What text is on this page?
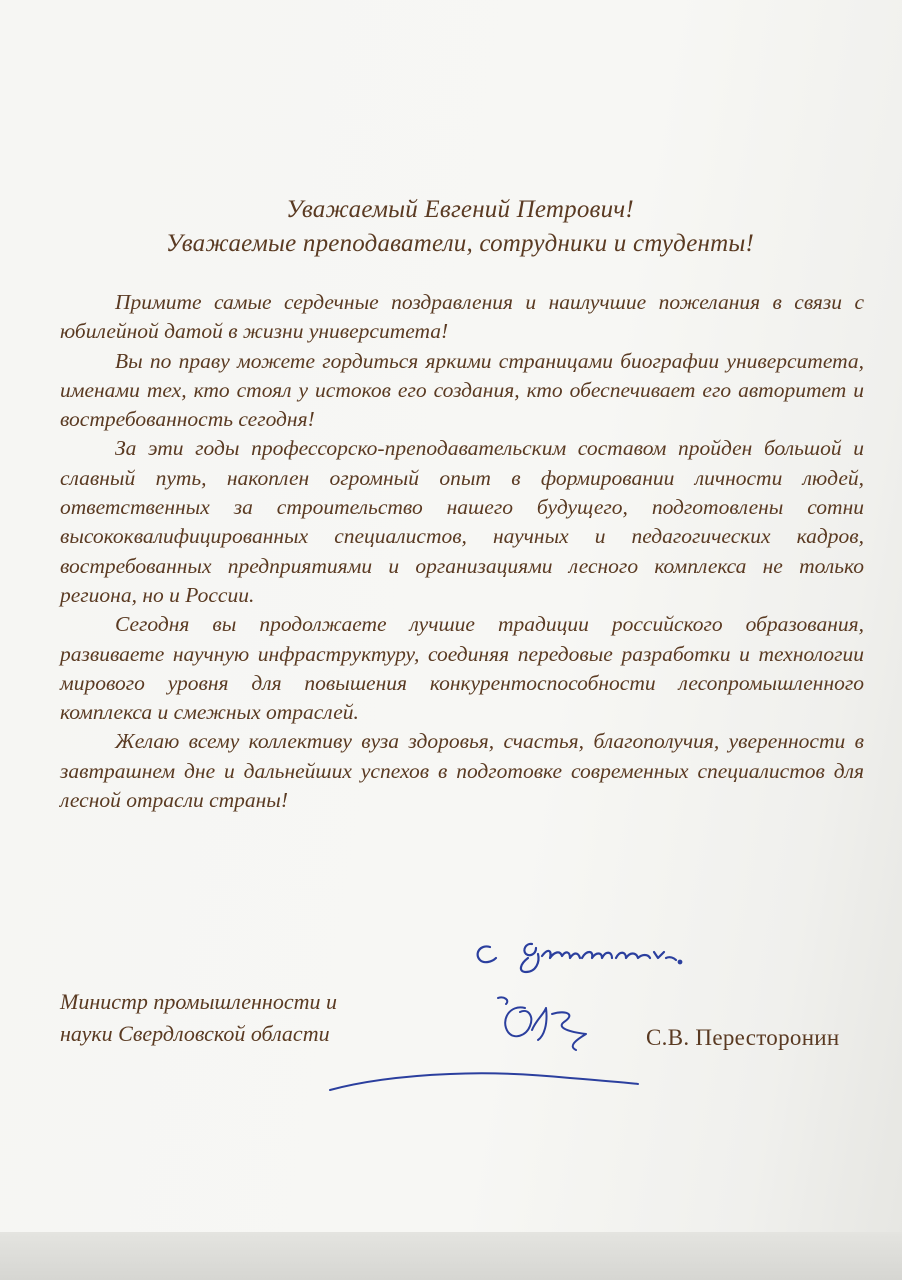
Уважаемый Евгений Петрович!
Уважаемые преподаватели, сотрудники и студенты!

Примите самые сердечные поздравления и наилучшие пожелания в связи с юбилейной датой в жизни университета!

Вы по праву можете гордиться яркими страницами биографии университета, именами тех, кто стоял у истоков его создания, кто обеспечивает его авторитет и востребованность сегодня!

За эти годы профессорско-преподавательским составом пройден большой и славный путь, накоплен огромный опыт в формировании личности людей, ответственных за строительство нашего будущего, подготовлены сотни высококвалифицированных специалистов, научных и педагогических кадров, востребованных предприятиями и организациями лесного комплекса не только региона, но и России.

Сегодня вы продолжаете лучшие традиции российского образования, развиваете научную инфраструктуру, соединяя передовые разработки и технологии мирового уровня для повышения конкурентоспособности лесопромышленного комплекса и смежных отраслей.

Желаю всему коллективу вуза здоровья, счастья, благополучия, уверенности в завтрашнем дне и дальнейших успехов в подготовке современных специалистов для лесной отрасли страны!

Министр промышленности и
науки Свердловской области	С.В. Пересторонин
